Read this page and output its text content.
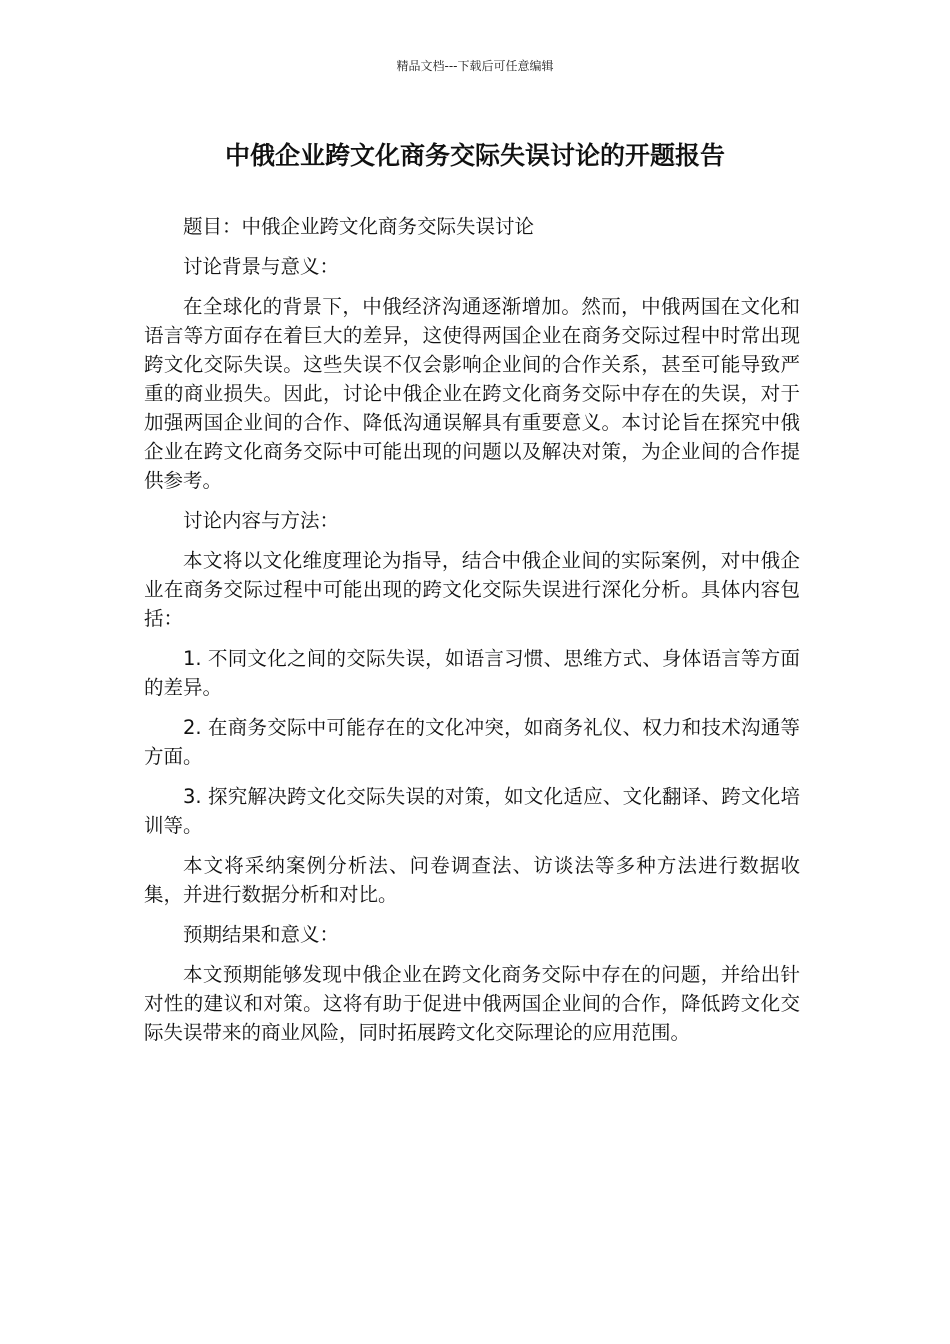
精品文档---下载后可任意编辑
中俄企业跨文化商务交际失误讨论的开题报告

题目：中俄企业跨文化商务交际失误讨论

讨论背景与意义：

在全球化的背景下，中俄经济沟通逐渐增加。然而，中俄两国在文化和语言等方面存在着巨大的差异，这使得两国企业在商务交际过程中时常出现跨文化交际失误。这些失误不仅会影响企业间的合作关系，甚至可能导致严重的商业损失。因此，讨论中俄企业在跨文化商务交际中存在的失误，对于加强两国企业间的合作、降低沟通误解具有重要意义。本讨论旨在探究中俄企业在跨文化商务交际中可能出现的问题以及解决对策，为企业间的合作提供参考。

讨论内容与方法：

本文将以文化维度理论为指导，结合中俄企业间的实际案例，对中俄企业在商务交际过程中可能出现的跨文化交际失误进行深化分析。具体内容包括：

1. 不同文化之间的交际失误，如语言习惯、思维方式、身体语言等方面的差异。

2. 在商务交际中可能存在的文化冲突，如商务礼仪、权力和技术沟通等方面。

3. 探究解决跨文化交际失误的对策，如文化适应、文化翻译、跨文化培训等。

本文将采纳案例分析法、问卷调查法、访谈法等多种方法进行数据收集，并进行数据分析和对比。

预期结果和意义：

本文预期能够发现中俄企业在跨文化商务交际中存在的问题，并给出针对性的建议和对策。这将有助于促进中俄两国企业间的合作，降低跨文化交际失误带来的商业风险，同时拓展跨文化交际理论的应用范围。
